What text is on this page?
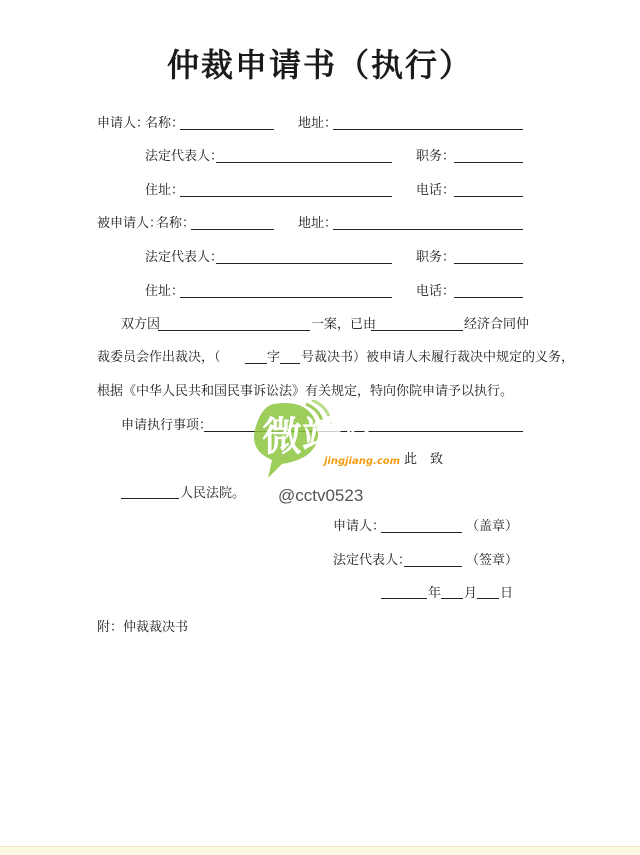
仲裁申请书（执行）
申请人：
名称：	地址：
法定代表人：	职务：
住址：	电话：
被申请人：
名称：	地址：
法定代表人：	职务：
住址：	电话：
双方因	一案，已由	经济合同仲
裁委员会作出裁决，（	字 号裁决书）被申请人未履行裁决中规定的义务，
根据《中华人民共和国民事诉讼法》有关规定，特向你院申请予以执行。
申请执行事项：
此　致
人民法院。
申请人：	（盖章）
法定代表人：	（签章）
年 月 日
附：仲裁裁决书
微靖江
jingjiang.com
@cctv0523
